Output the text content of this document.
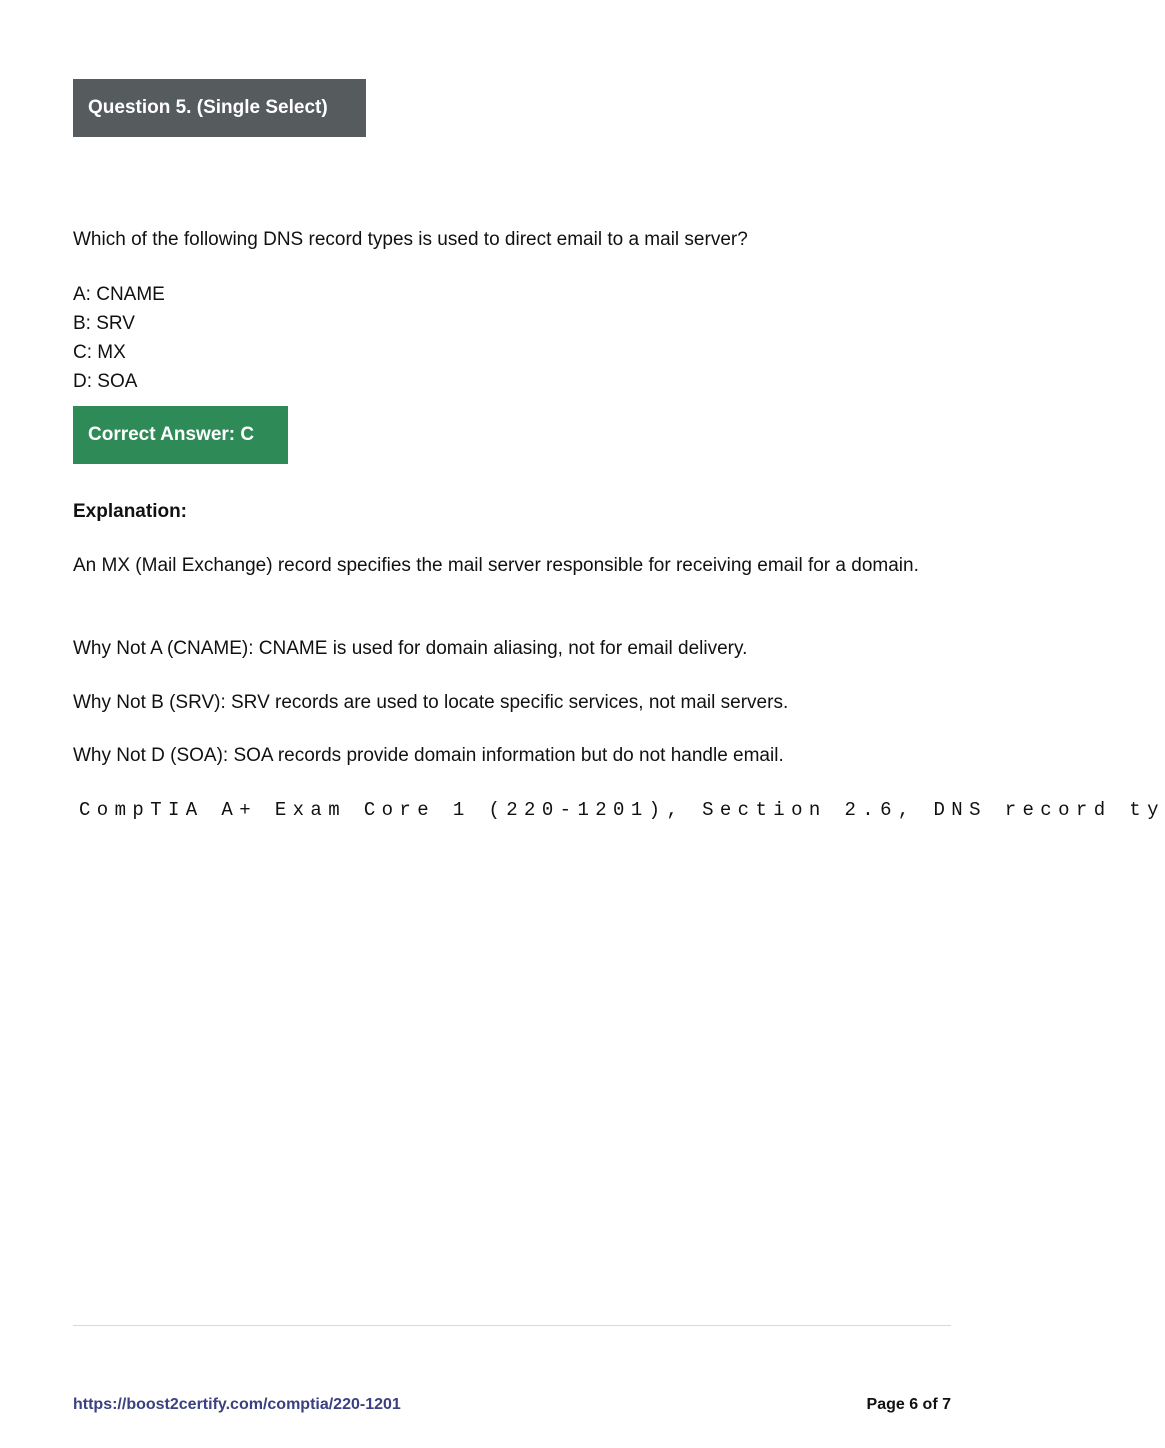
Question 5. (Single Select)
Which of the following DNS record types is used to direct email to a mail server?
A: CNAME
B: SRV
C: MX
D: SOA
Correct Answer: C
Explanation:
An MX (Mail Exchange) record specifies the mail server responsible for receiving email for a domain.
Why Not A (CNAME): CNAME is used for domain aliasing, not for email delivery.
Why Not B (SRV): SRV records are used to locate specific services, not mail servers.
Why Not D (SOA): SOA records provide domain information but do not handle email.
CompTIA A+ Exam Core 1 (220-1201), Section 2.6, DNS record ty
https://boost2certify.com/comptia/220-1201	Page 6 of 7
